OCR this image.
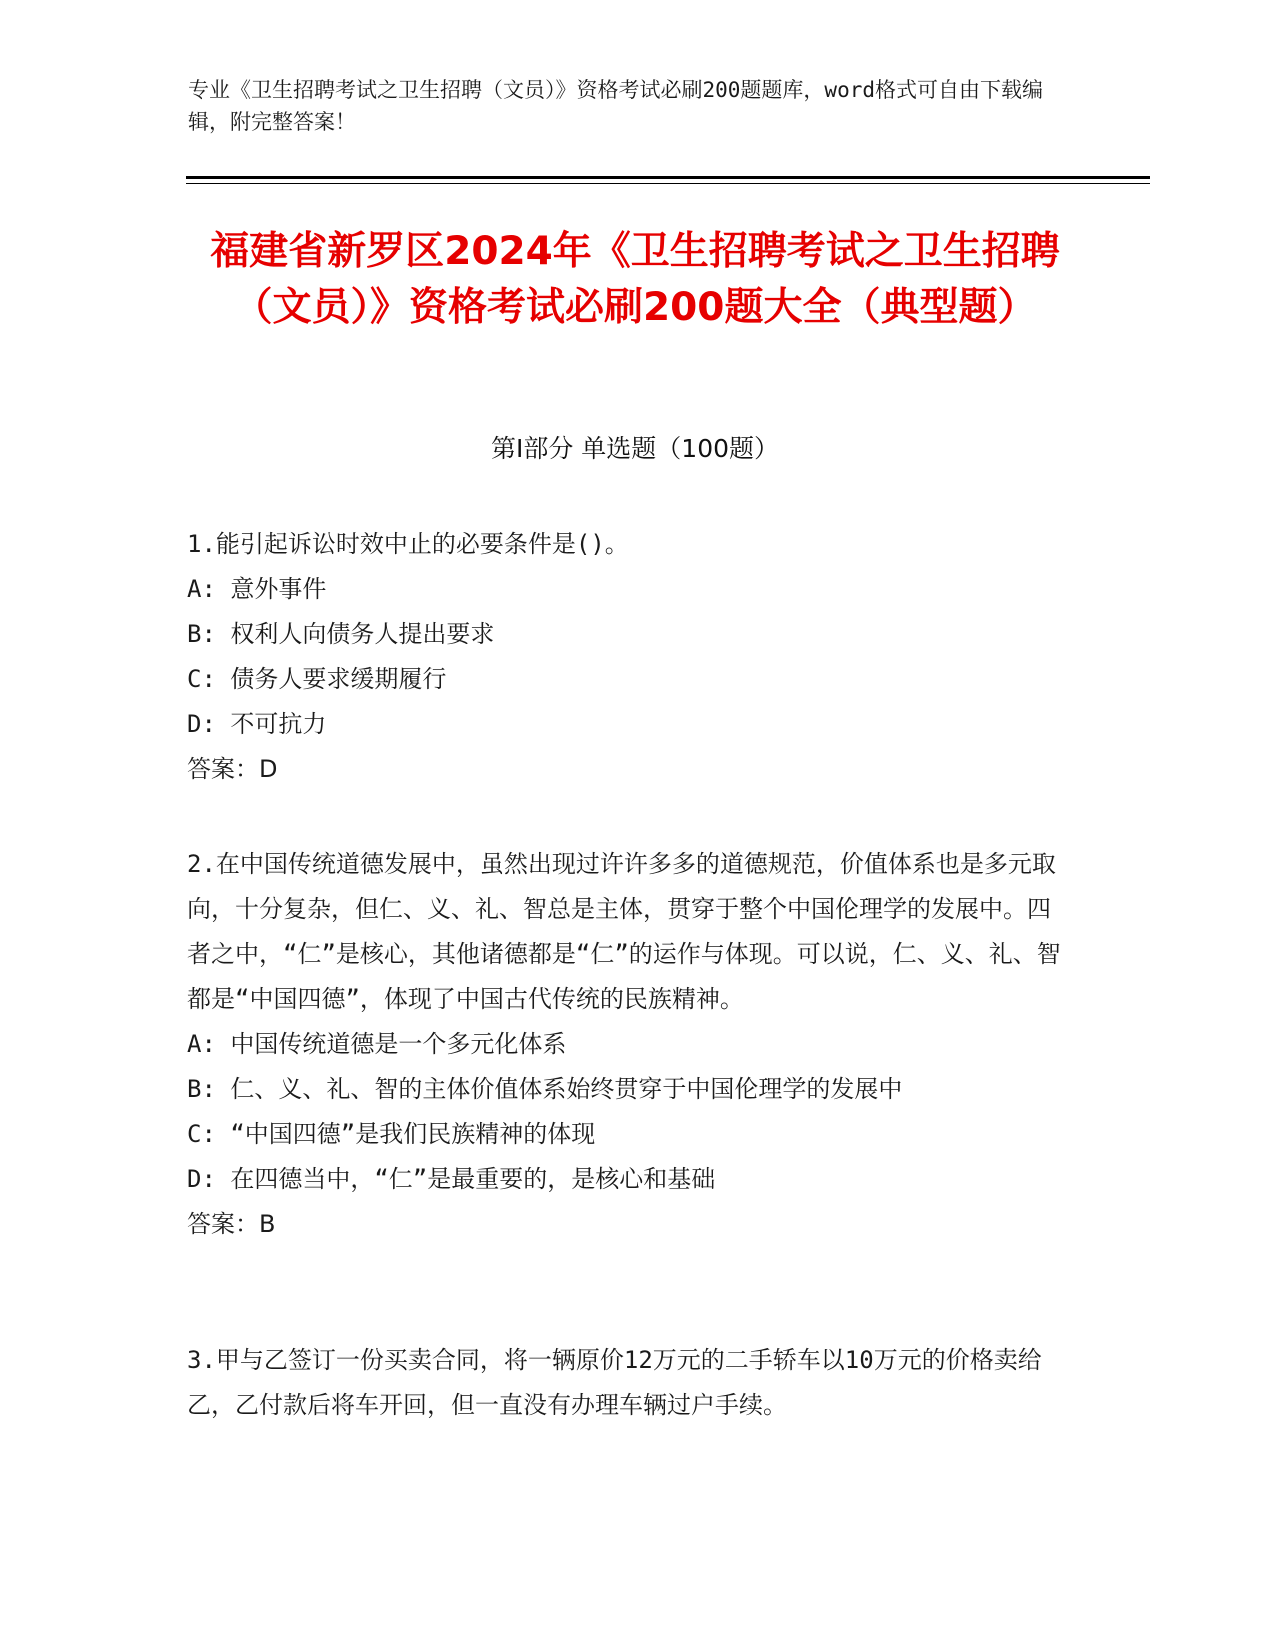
专业《卫生招聘考试之卫生招聘（文员）》资格考试必刷200题题库，word格式可自由下载编辑，附完整答案！
福建省新罗区2024年《卫生招聘考试之卫生招聘（文员）》资格考试必刷200题大全（典型题）
第Ⅰ部分 单选题（100题）

1.能引起诉讼时效中止的必要条件是()。

A: 意外事件

B: 权利人向债务人提出要求

C: 债务人要求缓期履行

D: 不可抗力

答案：D

2.在中国传统道德发展中，虽然出现过许许多多的道德规范，价值体系也是多元取向，十分复杂，但仁、义、礼、智总是主体，贯穿于整个中国伦理学的发展中。四者之中，“仁”是核心，其他诸德都是“仁”的运作与体现。可以说，仁、义、礼、智都是“中国四德”，体现了中国古代传统的民族精神。

A: 中国传统道德是一个多元化体系

B: 仁、义、礼、智的主体价值体系始终贯穿于中国伦理学的发展中

C: “中国四德”是我们民族精神的体现

D: 在四德当中，“仁”是最重要的，是核心和基础

答案：B

3.甲与乙签订一份买卖合同，将一辆原价12万元的二手轿车以10万元的价格卖给乙，乙付款后将车开回，但一直没有办理车辆过户手续。
